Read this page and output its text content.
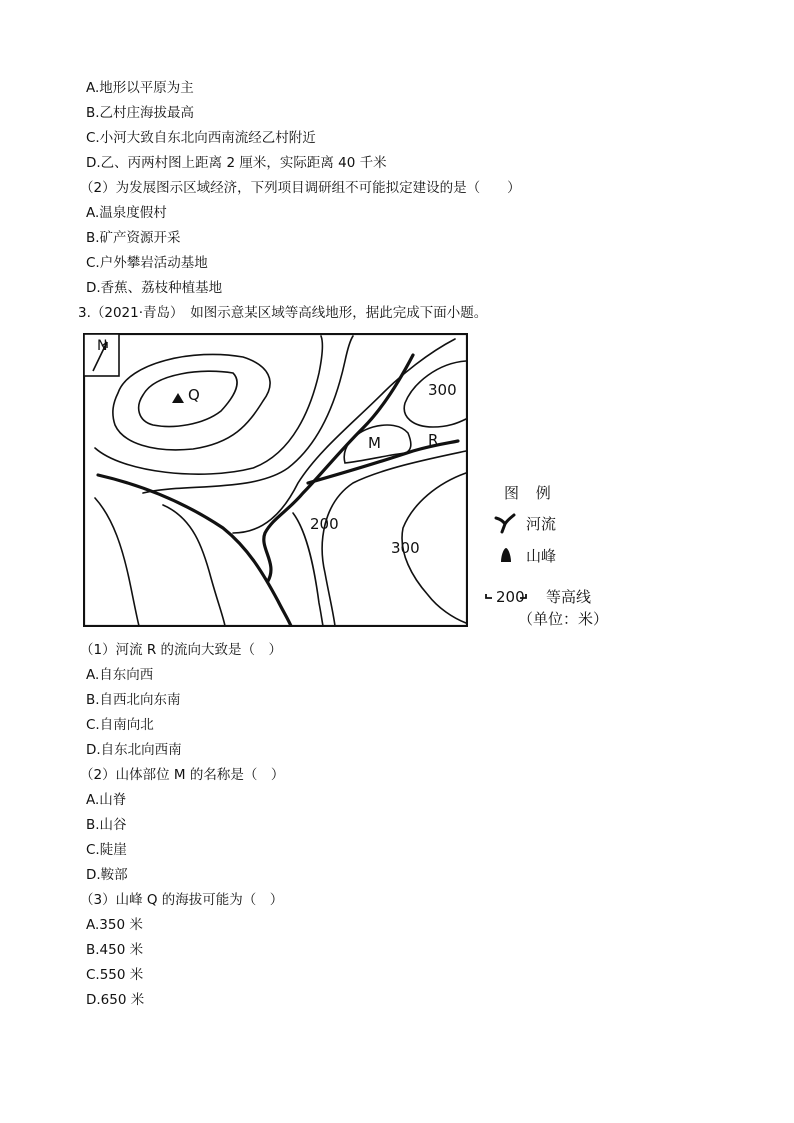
A.地形以平原为主
B.乙村庄海拔最高
C.小河大致自东北向西南流经乙村附近
D.乙、丙两村图上距离 2 厘米，实际距离 40 千米
（2）为发展图示区域经济，下列项目调研组不可能拟定建设的是（　　）
A.温泉度假村
B.矿产资源开采
C.户外攀岩活动基地
D.香蕉、荔枝种植基地
3.（2021·青岛）　如图示意某区域等高线地形，据此完成下面小题。
N
Q
M	R
300
200
300
图 例
河流
山峰
200 等高线
（单位：米）
（1）河流 R 的流向大致是（　）
A.自东向西
B.自西北向东南
C.自南向北
D.自东北向西南
（2）山体部位 M 的名称是（　）
A.山脊
B.山谷
C.陡崖
D.鞍部
（3）山峰 Q 的海拔可能为（　）
A.350 米
B.450 米
C.550 米
D.650 米
